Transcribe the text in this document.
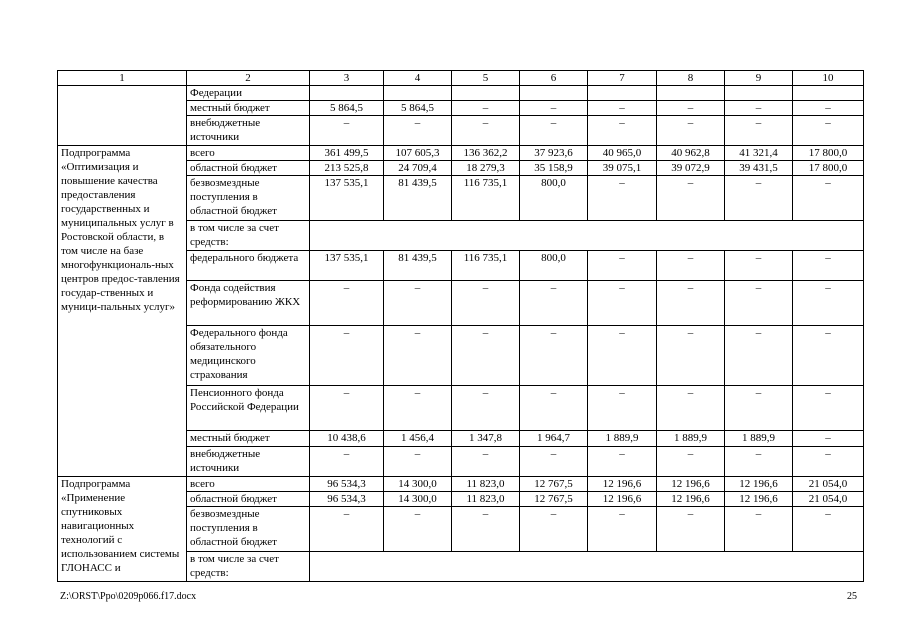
1	2	3	4	5	6	7	8	9	10
	Федерации								
	местный бюджет	5 864,5	5 864,5	–	–	–	–	–	–
	внебюджетные источники	–	–	–	–	–	–	–	–
Подпрограмма «Оптимизация и повышение качества предоставления государственных и муниципальных услуг в Ростовской области, в том числе на базе многофункциональ-ных центров предос-тавления государ-ственных и муници-пальных услуг»	всего	361 499,5	107 605,3	136 362,2	37 923,6	40 965,0	40 962,8	41 321,4	17 800,0
	областной бюджет	213 525,8	24 709,4	18 279,3	35 158,9	39 075,1	39 072,9	39 431,5	17 800,0
	безвозмездные поступления в областной бюджет	137 535,1	81 439,5	116 735,1	800,0	–	–	–	–
	в том числе за счет средств:								
	федерального бюджета	137 535,1	81 439,5	116 735,1	800,0	–	–	–	–
	Фонда содействия реформированию ЖКХ	–	–	–	–	–	–	–	–
	Федерального фонда обязательного медицинского страхования	–	–	–	–	–	–	–	–
	Пенсионного фонда Российской Федерации	–	–	–	–	–	–	–	–
	местный бюджет	10 438,6	1 456,4	1 347,8	1 964,7	1 889,9	1 889,9	1 889,9	–
	внебюджетные источники	–	–	–	–	–	–	–	–
Подпрограмма «Применение спутниковых навигационных технологий с использованием системы ГЛОНАСС и	всего	96 534,3	14 300,0	11 823,0	12 767,5	12 196,6	12 196,6	12 196,6	21 054,0
	областной бюджет	96 534,3	14 300,0	11 823,0	12 767,5	12 196,6	12 196,6	12 196,6	21 054,0
	безвозмездные поступления в областной бюджет	–	–	–	–	–	–	–	–
	в том числе за счет средств:								
Z:\ORST\Ppo\0209p066.f17.docx	25
